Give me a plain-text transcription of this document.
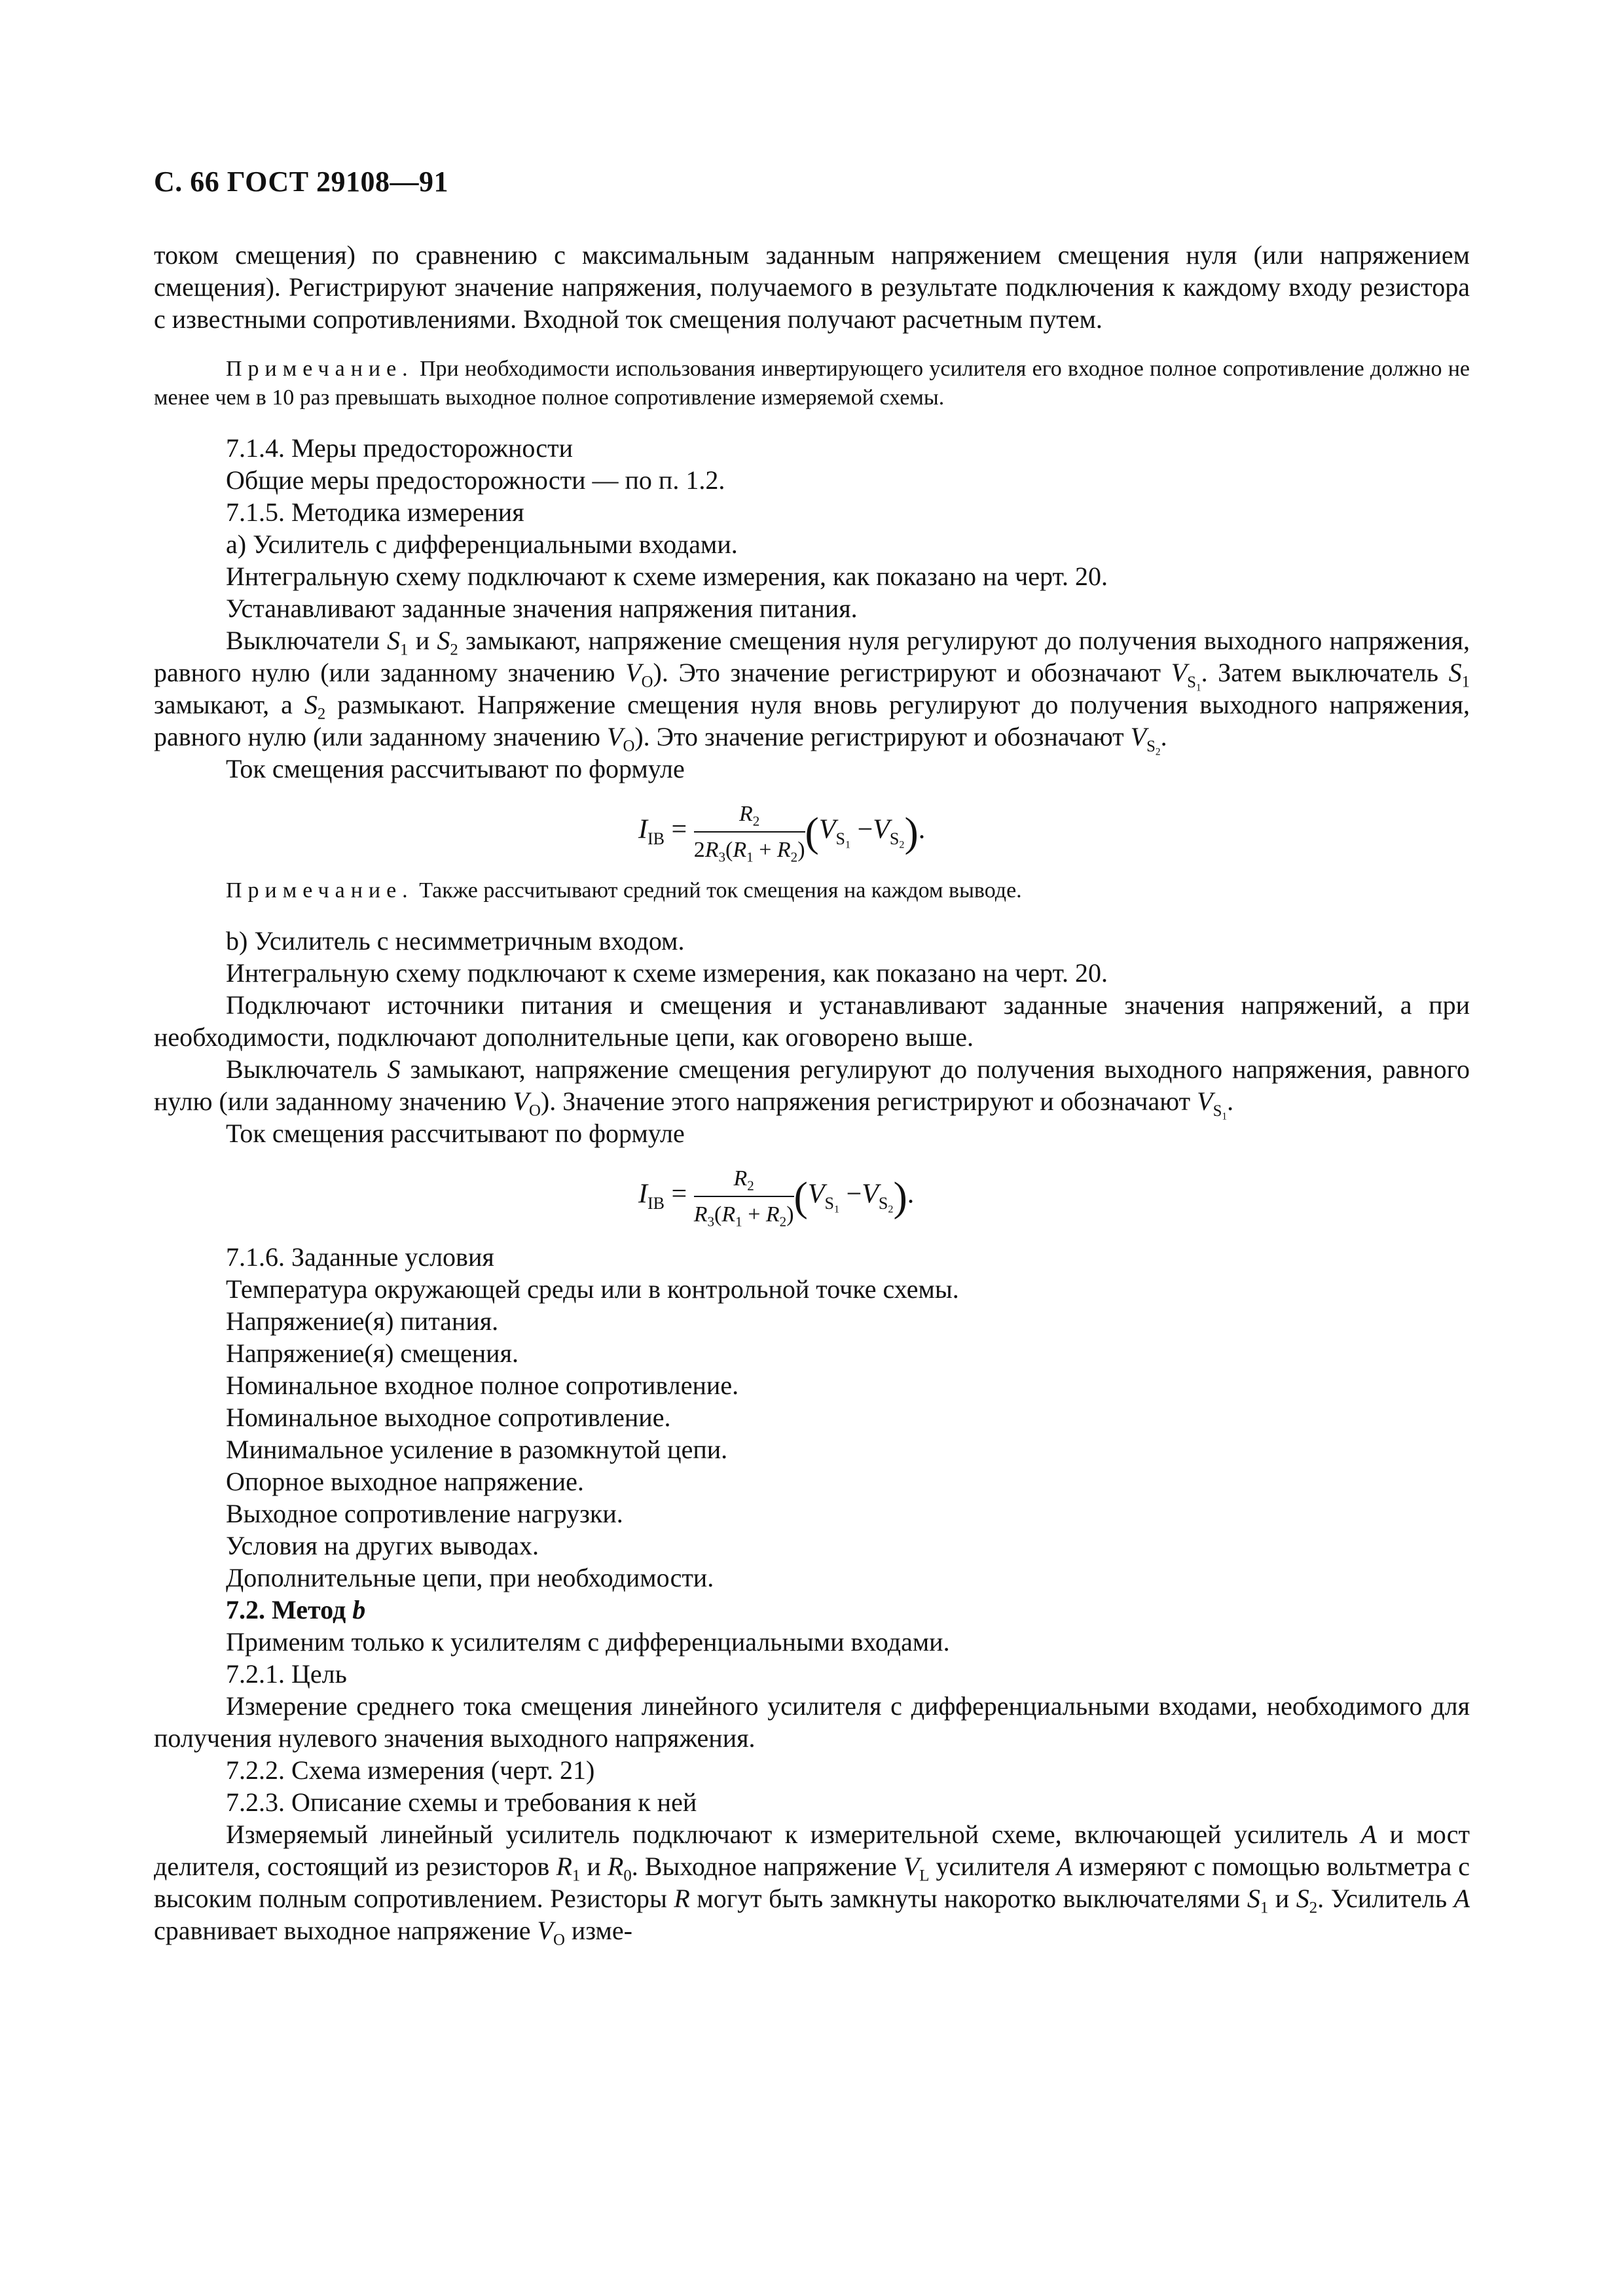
С. 66 ГОСТ 29108—91

током смещения) по сравнению с максимальным заданным напряжением смещения нуля (или напряжением смещения). Регистрируют значение напряжения, получаемого в результате подключения к каждому входу резистора с известными сопротивлениями. Входной ток смещения получают расчетным путем.

Примечание. При необходимости использования инвертирующего усилителя его входное полное сопротивление должно не менее чем в 10 раз превышать выходное полное сопротивление измеряемой схемы.

7.1.4. Меры предосторожности

Общие меры предосторожности — по п. 1.2.

7.1.5. Методика измерения

а) Усилитель с дифференциальными входами.

Интегральную схему подключают к схеме измерения, как показано на черт. 20.

Устанавливают заданные значения напряжения питания.

Выключатели $S_1$ и $S_2$ замыкают, напряжение смещения нуля регулируют до получения выходного напряжения, равного нулю (или заданному значению $V_O$). Это значение регистрируют и обозначают $V_{S_1}$. Затем выключатель $S_1$ замыкают, а $S_2$ размыкают. Напряжение смещения нуля вновь регулируют до получения выходного напряжения, равного нулю (или заданному значению $V_O$). Это значение регистрируют и обозначают $V_{S_2}$.

Ток смещения рассчитывают по формуле

$I_{IB} = \frac{R_2}{2R_3(R_1 + R_2)} (V_{S_1} -V_{S_2})$.
Примечание. Также рассчитывают средний ток смещения на каждом выводе.

b) Усилитель с несимметричным входом.

Интегральную схему подключают к схеме измерения, как показано на черт. 20.

Подключают источники питания и смещения и устанавливают заданные значения напряжений, а при необходимости, подключают дополнительные цепи, как оговорено выше.

Выключатель S замыкают, напряжение смещения регулируют до получения выходного напряжения, равного нулю (или заданному значению $V_O$). Значение этого напряжения регистрируют и обозначают $V_{S_1}$.

Ток смещения рассчитывают по формуле

$I_{IB} = \frac{R_2}{R_3(R_1 + R_2)} (V_{S_1} -V_{S_2})$.

7.1.6. Заданные условия

Температура окружающей среды или в контрольной точке схемы.

Напряжение(я) питания.

Напряжение(я) смещения.

Номинальное входное полное сопротивление.

Номинальное выходное сопротивление.

Минимальное усиление в разомкнутой цепи.

Опорное выходное напряжение.

Выходное сопротивление нагрузки.

Условия на других выводах.

Дополнительные цепи, при необходимости.

7.2. Метод b

Применим только к усилителям с дифференциальными входами.

7.2.1. Цель

Измерение среднего тока смещения линейного усилителя с дифференциальными входами, необходимого для получения нулевого значения выходного напряжения.

7.2.2. Схема измерения (черт. 21)

7.2.3. Описание схемы и требования к ней

Измеряемый линейный усилитель подключают к измерительной схеме, включающей усилитель A и мост делителя, состоящий из резисторов $R_1$ и $R_0$. Выходное напряжение $V_L$ усилителя A измеряют с помощью вольтметра с высоким полным сопротивлением. Резисторы R могут быть замкнуты накоротко выключателями $S_1$ и $S_2$. Усилитель A сравнивает выходное напряжение $V_O$ изме-
